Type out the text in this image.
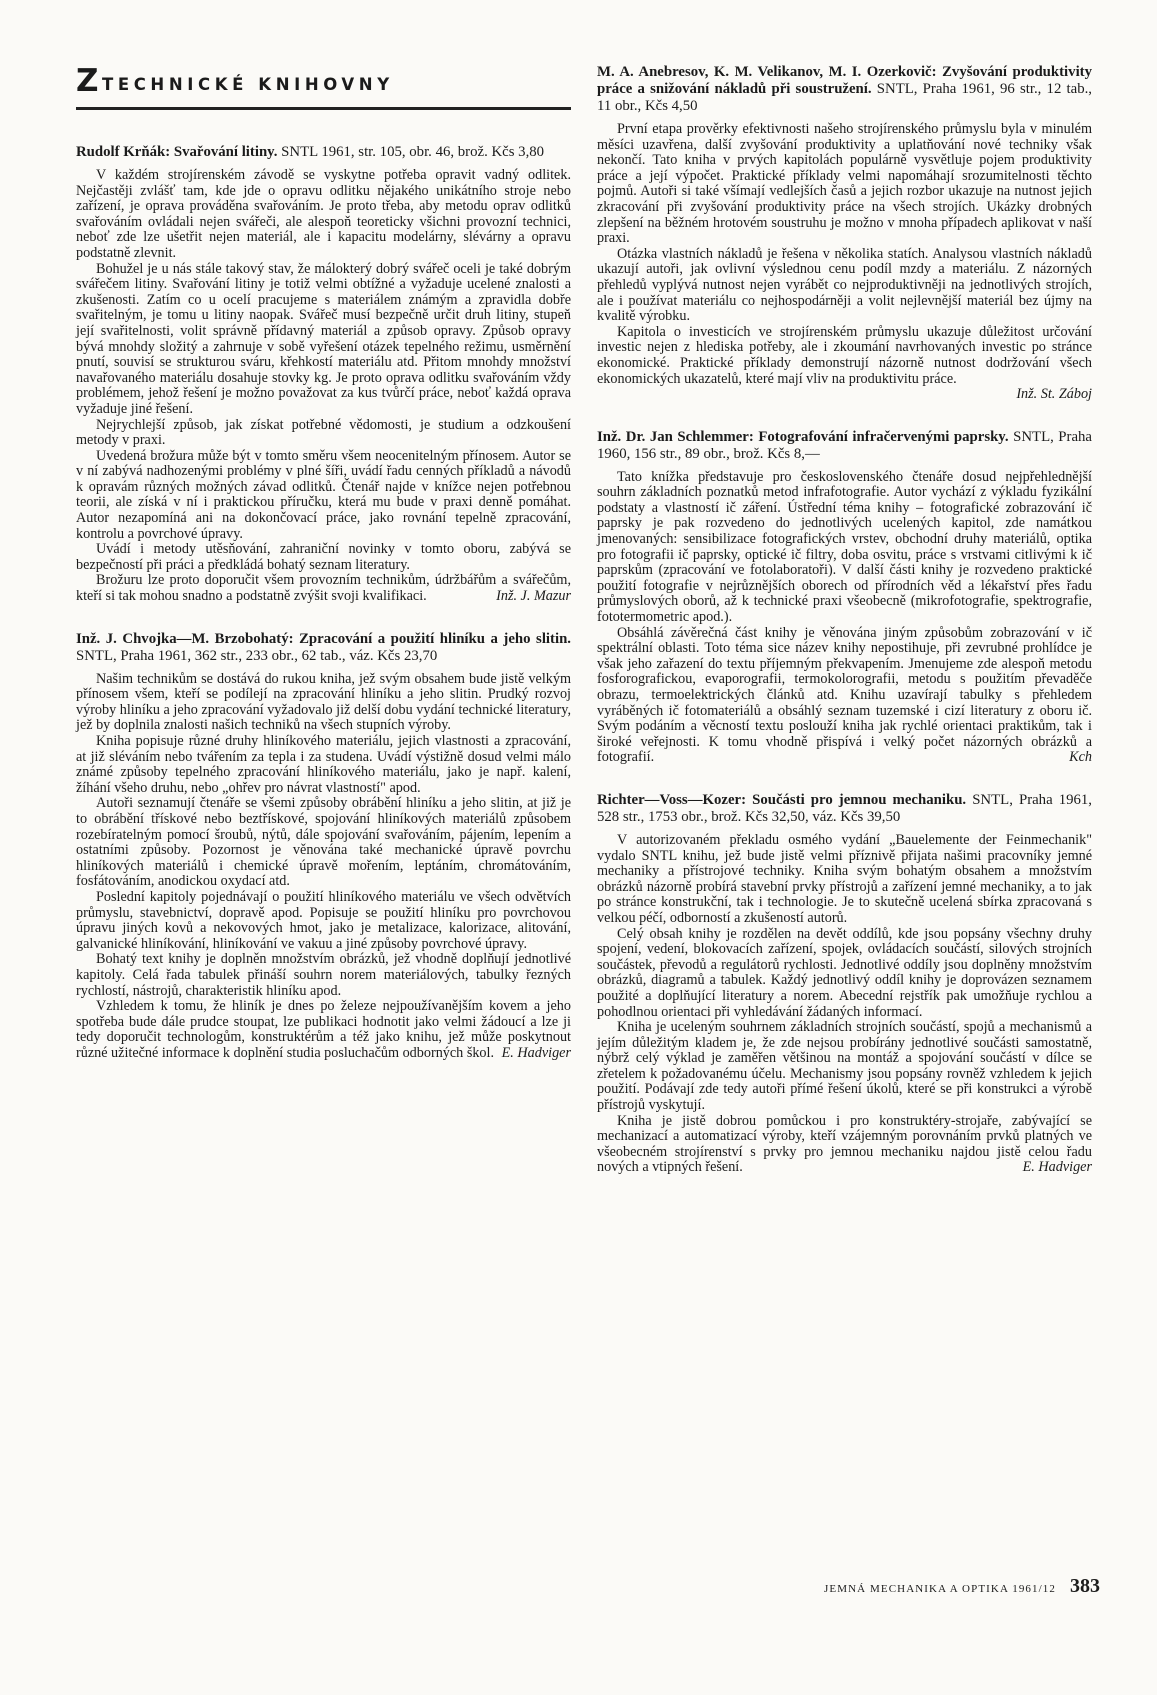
Z TECHNICKÉ KNIHOVNY

Rudolf Krňák: Svařování litiny. SNTL 1961, str. 105, obr. 46, brož. Kčs 3,80

V každém strojírenském závodě se vyskytne potřeba opravit vadný odlitek. Nejčastěji zvlášť tam, kde jde o opravu odlitku nějakého unikátního stroje nebo zařízení, je oprava prováděna svařováním. Je proto třeba, aby metodu oprav odlitků svařováním ovládali nejen svářeči, ale alespoň teoreticky všichni provozní technici, neboť zde lze ušetřit nejen materiál, ale i kapacitu modelárny, slévárny a opravu podstatně zlevnit.

Bohužel je u nás stále takový stav, že málokterý dobrý svářeč oceli je také dobrým svářečem litiny. Svařování litiny je totiž velmi obtížné a vyžaduje ucelené znalosti a zkušenosti. Zatím co u ocelí pracujeme s materiálem známým a zpravidla dobře svařitelným, je tomu u litiny naopak. Svářeč musí bezpečně určit druh litiny, stupeň její svařitelnosti, volit správně přídavný materiál a způsob opravy. Způsob opravy bývá mnohdy složitý a zahrnuje v sobě vyřešení otázek tepelného režimu, usměrnění pnutí, souvisí se strukturou sváru, křehkostí materiálu atd. Přitom mnohdy množství navařovaného materiálu dosahuje stovky kg. Je proto oprava odlitku svařováním vždy problémem, jehož řešení je možno považovat za kus tvůrčí práce, neboť každá oprava vyžaduje jiné řešení.

Nejrychlejší způsob, jak získat potřebné vědomosti, je studium a odzkoušení metody v praxi.

Uvedená brožura může být v tomto směru všem neocenitelným přínosem. Autor se v ní zabývá nadhozenými problémy v plné šíři, uvádí řadu cenných příkladů a návodů k opravám různých možných závad odlitků. Čtenář najde v knížce nejen potřebnou teorii, ale získá v ní i praktickou příručku, která mu bude v praxi denně pomáhat. Autor nezapomíná ani na dokončovací práce, jako rovnání tepelně zpracování, kontrolu a povrchové úpravy.

Uvádí i metody utěsňování, zahraniční novinky v tomto oboru, zabývá se bezpečností při práci a předkládá bohatý seznam literatury.

Brožuru lze proto doporučit všem provozním technikům, údržbářům a svářečům, kteří si tak mohou snadno a podstatně zvýšit svoji kvalifikaci.	Inž. J. Mazur

Inž. J. Chvojka—M. Brzobohatý: Zpracování a použití hliníku a jeho slitin. SNTL, Praha 1961, 362 str., 233 obr., 62 tab., váz. Kčs 23,70

Našim technikům se dostává do rukou kniha, jež svým obsahem bude jistě velkým přínosem všem, kteří se podílejí na zpracování hliníku a jeho slitin. Prudký rozvoj výroby hliníku a jeho zpracování vyžadovalo již delší dobu vydání technické literatury, jež by doplnila znalosti našich techniků na všech stupních výroby.

Kniha popisuje různé druhy hliníkového materiálu, jejich vlastnosti a zpracování, at již sléváním nebo tvářením za tepla i za studena. Uvádí výstižně dosud velmi málo známé způsoby tepelného zpracování hliníkového materiálu, jako je např. kalení, žíhání všeho druhu, nebo „ohřev pro návrat vlastností" apod.

Autoři seznamují čtenáře se všemi způsoby obrábění hliníku a jeho slitin, at již je to obrábění třískové nebo beztřískové, spojování hliníkových materiálů způsobem rozebíratelným pomocí šroubů, nýtů, dále spojování svařováním, pájením, lepením a ostatními způsoby. Pozornost je věnována také mechanické úpravě povrchu hliníkových materiálů i chemické úpravě mořením, leptáním, chromátováním, fosfátováním, anodickou oxydací atd.

Poslední kapitoly pojednávají o použití hliníkového materiálu ve všech odvětvích průmyslu, stavebnictví, dopravě apod. Popisuje se použití hliníku pro povrchovou úpravu jiných kovů a nekovových hmot, jako je metalizace, kalorizace, alitování, galvanické hliníkování, hliníkování ve vakuu a jiné způsoby povrchové úpravy.

Bohatý text knihy je doplněn množstvím obrázků, jež vhodně doplňují jednotlivé kapitoly. Celá řada tabulek přináší souhrn norem materiálových, tabulky řezných rychlostí, nástrojů, charakteristik hliníku apod.

Vzhledem k tomu, že hliník je dnes po železe nejpoužívanějším kovem a jeho spotřeba bude dále prudce stoupat, lze publikaci hodnotit jako velmi žádoucí a lze ji tedy doporučit technologům, konstruktérům a též jako knihu, jež může poskytnout různé užitečné informace k doplnění studia posluchačům odborných škol. E. Hadviger

M. A. Anebresov, K. M. Velikanov, M. I. Ozerkovič: Zvyšování produktivity práce a snižování nákladů při soustružení. SNTL, Praha 1961, 96 str., 12 tab., 11 obr., Kčs 4,50

První etapa prověrky efektivnosti našeho strojírenského průmyslu byla v minulém měsíci uzavřena, další zvyšování produktivity a uplatňování nové techniky však nekončí. Tato kniha v prvých kapitolách populárně vysvětluje pojem produktivity práce a její výpočet. Praktické příklady velmi napomáhají srozumitelnosti těchto pojmů. Autoři si také všímají vedlejších časů a jejich rozbor ukazuje na nutnost jejich zkracování při zvyšování produktivity práce na všech strojích. Ukázky drobných zlepšení na běžném hrotovém soustruhu je možno v mnoha případech aplikovat v naší praxi.

Otázka vlastních nákladů je řešena v několika statích. Analysou vlastních nákladů ukazují autoři, jak ovlivní výslednou cenu podíl mzdy a materiálu. Z názorných přehledů vyplývá nutnost nejen vyrábět co nejproduktivněji na jednotlivých strojích, ale i používat materiálu co nejhospodárněji a volit nejlevnější materiál bez újmy na kvalitě výrobku.

Kapitola o investicích ve strojírenském průmyslu ukazuje důležitost určování investic nejen z hlediska potřeby, ale i zkoumání navrhovaných investic po stránce ekonomické. Praktické příklady demonstrují názorně nutnost dodržování všech ekonomických ukazatelů, které mají vliv na produktivitu práce.

Inž. St. Záboj

Inž. Dr. Jan Schlemmer: Fotografování infračervenými paprsky. SNTL, Praha 1960, 156 str., 89 obr., brož. Kčs 8,—

Tato knížka představuje pro československého čtenáře dosud nejpřehlednější souhrn základních poznatků metod infrafotografie. Autor vychází z výkladu fyzikální podstaty a vlastností ič záření. Ústřední téma knihy – fotografické zobrazování ič paprsky je pak rozvedeno do jednotlivých ucelených kapitol, zde namátkou jmenovaných: sensibilizace fotografických vrstev, obchodní druhy materiálů, optika pro fotografii ič paprsky, optické ič filtry, doba osvitu, práce s vrstvami citlivými k ič paprskům (zpracování ve fotolaboratoři). V další části knihy je rozvedeno praktické použití fotografie v nejrůznějších oborech od přírodních věd a lékařství přes řadu průmyslových oborů, až k technické praxi všeobecně (mikrofotografie, spektrografie, fototermometric apod.).

Obsáhlá závěrečná část knihy je věnována jiným způsobům zobrazování v ič spektrální oblasti. Toto téma sice název knihy nepostihuje, při zevrubné prohlídce je však jeho zařazení do textu příjemným překvapením. Jmenujeme zde alespoň metodu fosforografickou, evaporografii, termokolorografii, metodu s použitím převaděče obrazu, termoelektrických článků atd. Knihu uzavírají tabulky s přehledem vyráběných ič fotomateriálů a obsáhlý seznam tuzemské i cizí literatury z oboru ič. Svým podáním a věcností textu poslouží kniha jak rychlé orientaci praktikům, tak i široké veřejnosti. K tomu vhodně přispívá i velký počet názorných obrázků a fotografií.	Kch

Richter—Voss—Kozer: Součásti pro jemnou mechaniku. SNTL, Praha 1961, 528 str., 1753 obr., brož. Kčs 32,50, váz. Kčs 39,50

V autorizovaném překladu osmého vydání „Bauelemente der Feinmechanik" vydalo SNTL knihu, jež bude jistě velmi příznivě přijata našimi pracovníky jemné mechaniky a přístrojové techniky. Kniha svým bohatým obsahem a množstvím obrázků názorně probírá stavební prvky přístrojů a zařízení jemné mechaniky, a to jak po stránce konstrukční, tak i technologie. Je to skutečně ucelená sbírka zpracovaná s velkou péčí, odborností a zkušeností autorů.

Celý obsah knihy je rozdělen na devět oddílů, kde jsou popsány všechny druhy spojení, vedení, blokovacích zařízení, spojek, ovládacích součástí, silových strojních součástek, převodů a regulátorů rychlosti. Jednotlivé oddíly jsou doplněny množstvím obrázků, diagramů a tabulek. Každý jednotlivý oddíl knihy je doprovázen seznamem použité a doplňující literatury a norem. Abecední rejstřík pak umožňuje rychlou a pohodlnou orientaci při vyhledávání žádaných informací.

Kniha je uceleným souhrnem základních strojních součástí, spojů a mechanismů a jejím důležitým kladem je, že zde nejsou probírány jednotlivé součásti samostatně, nýbrž celý výklad je zaměřen většinou na montáž a spojování součástí v dílce se zřetelem k požadovanému účelu. Mechanismy jsou popsány rovněž vzhledem k jejich použití. Podávají zde tedy autoři přímé řešení úkolů, které se při konstrukci a výrobě přístrojů vyskytují.

Kniha je jistě dobrou pomůckou i pro konstruktéry-strojaře, zabývající se mechanizací a automatizací výroby, kteří vzájemným porovnáním prvků platných ve všeobecném strojírenství s prvky pro jemnou mechaniku najdou jistě celou řadu nových a vtipných řešení.	E. Hadviger
JEMNÁ MECHANIKA A OPTIKA 1961/12 383
